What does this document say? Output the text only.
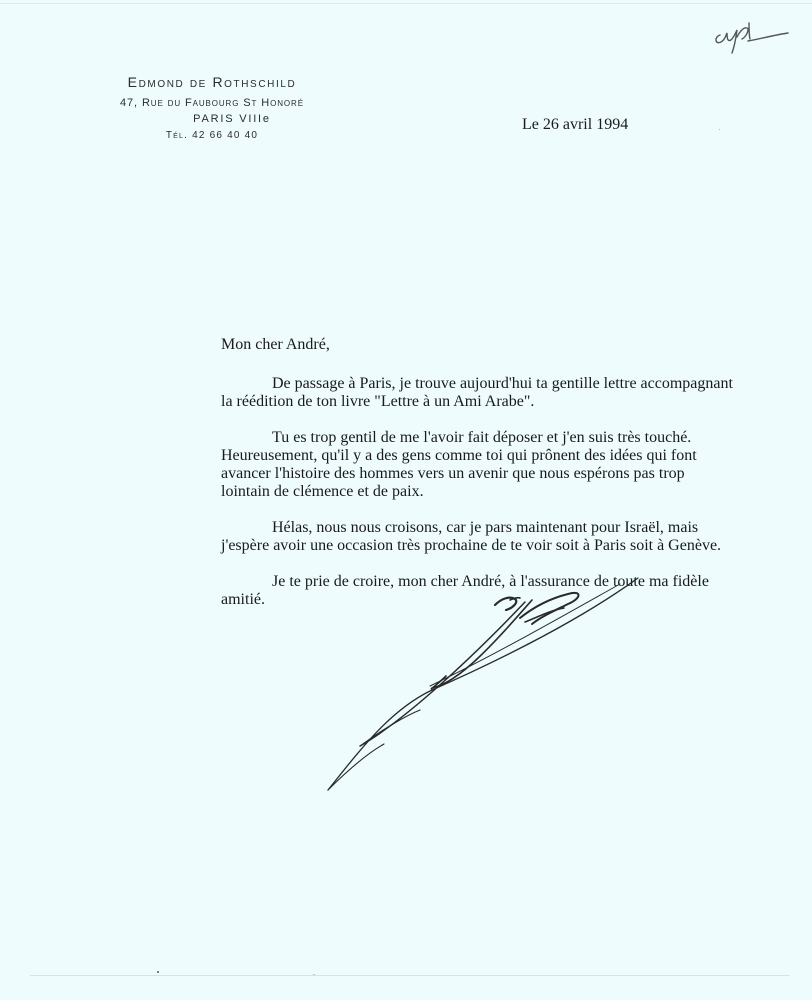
Edmond de Rothschild
47, Rue du Faubourg St Honoré
PARIS VIIIe
Tél. 42 66 40 40
Le 26 avril 1994
Mon cher André,
De passage à Paris, je trouve aujourd'hui ta gentille lettre accompagnant
la réédition de ton livre "Lettre à un Ami Arabe".
Tu es trop gentil de me l'avoir fait déposer et j'en suis très touché.
Heureusement, qu'il y a des gens comme toi qui prônent des idées qui font
avancer l'histoire des hommes vers un avenir que nous espérons pas trop
lointain de clémence et de paix.
Hélas, nous nous croisons, car je pars maintenant pour Israël, mais
j'espère avoir une occasion très prochaine de te voir soit à Paris soit à Genève.
Je te prie de croire, mon cher André, à l'assurance de toute ma fidèle
amitié.
